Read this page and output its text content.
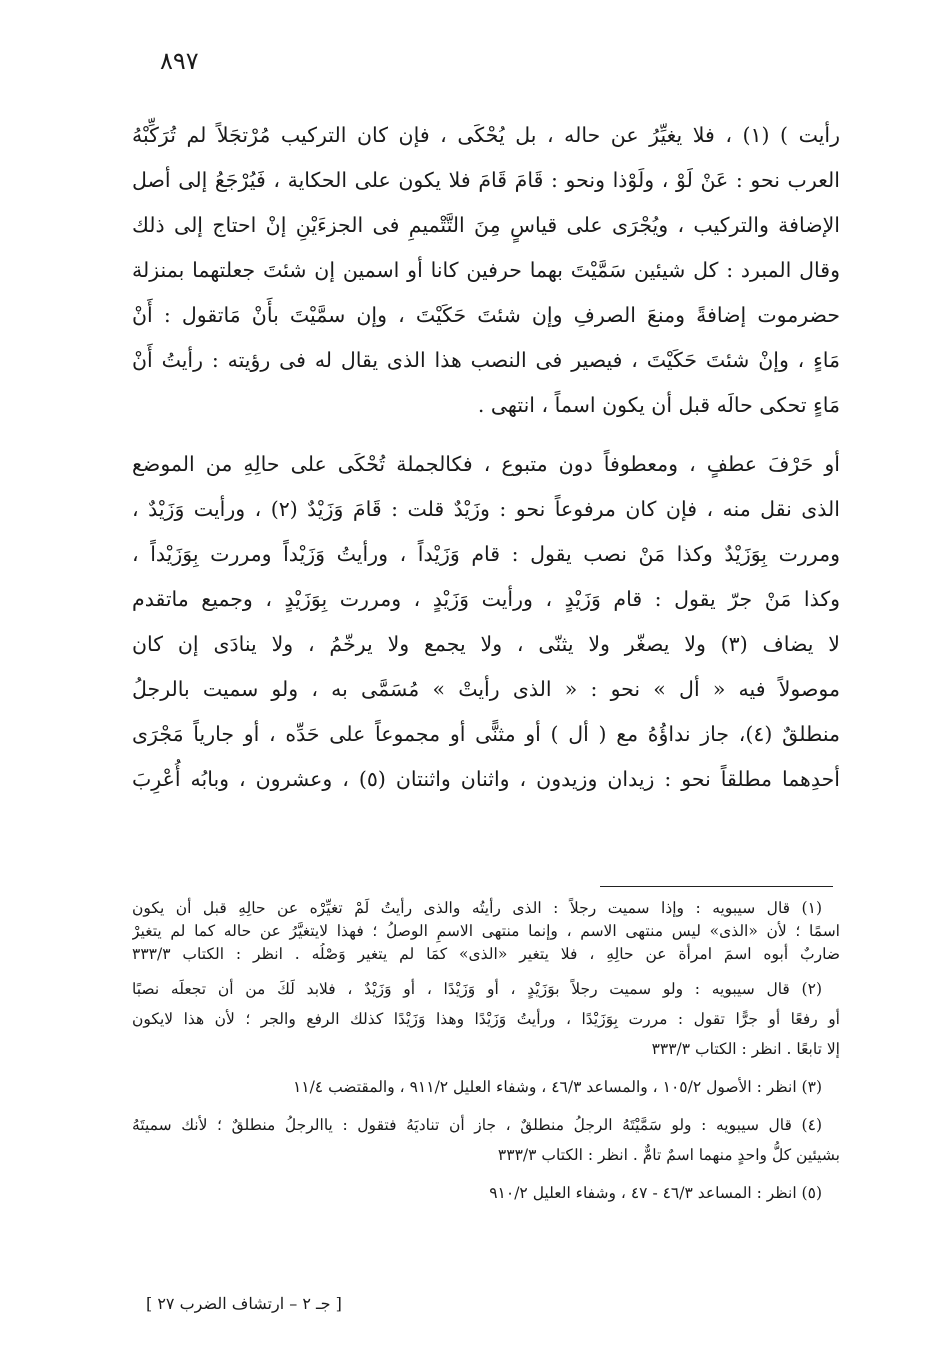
٨٩٧
رأيت ) (١) ، فلا يغيِّرُ عن حاله ، بل يُحْكَى ، فإن كان التركيب مُرْتجَلاً لم تُرَكِّبْهُ
العرب نحو : عَنْ لَوْ ، ولَوْذا ونحو : قَامَ قَامَ فلا يكون على الحكاية ، فَيُرْجَعُ إلى أصل
الإضافة والتركيب ، ويُجْرَى على قياسٍ مِنَ التَّتْميمِ فى الجزءَيْنِ إنْ احتاج إلى ذلك
وقال المبرد : كل شيئين سَمَّيْتَ بهما حرفين كانا أو اسمين إن شئتَ جعلتهما بمنزلة
حضرموت إضافةً ومنعَ الصرفِ وإن شئتَ حَكَيْتَ ، وإن سمَّيْتَ بأَنْ مَاتقول : أَنْ
مَاءٍ ، وإنْ شئتَ حَكَيْتَ ، فيصير فى النصب هذا الذى يقال له فى رؤيته : رأيتُ أَنْ
مَاءٍ تحكى حالَه قبل أن يكون اسماً ، انتهى .
أو حَرْفَ عطفٍ ، ومعطوفاً دون متبوع ، فكالجملة تُحْكَى على حالِهِ من الموضع
الذى نقل منه ، فإن كان مرفوعاً نحو : وزَيْدٌ قلت : قَامَ وَزَيْدٌ (٢) ، ورأيت وَزَيْدٌ ،
ومررت بِوَزَيْدٌ وكذا مَنْ نصب يقول : قام وَزَيْداً ، ورأيتُ وَزَيْداً ومررت بِوَزَيْداً ،
وكذا مَنْ جرّ يقول : قام وَزَيْدٍ ، ورأيت وَزَيْدٍ ، ومررت بِوَزَيْدٍ ، وجميع ماتقدم
لا يضاف (٣) ولا يصغّر ولا يثنّى ، ولا يجمع ولا يرخّمُ ، ولا ينادَى إن كان
موصولاً فيه « أل » نحو : « الذى رأيتْ » مُسَمَّى به ، ولو سميت بالرجلُ
منطلقٌ (٤)، جاز نداؤُهُ مع ( أل ) أو مثنًّى أو مجموعاً على حَدِّه ، أو جارياً مَجْرَى
أحدِهما مطلقاً نحو : زيدان وزيدون ، واثنان واثنتان (٥) ، وعشرون ، وبابُه أُعْرِبَ
(١) قال سيبويه : وإذا سميت رجلاً : الذى رأيتُه والذى رأيتُ لَمْ تغيِّرْه عن حالِهِ قبل أن يكون
اسمًا ؛ لأن «الذى» ليس منتهى الاسم ، وإنما منتهى الاسمِ الوصلُ ؛ فهذا لايتغيَّرُ عن حاله كما لم يتغيرْ
ضاربٌ أبوه اسمَ امرأة عن حالِهِ ، فلا يتغير «الذى» كمَا لم يتغير وَصْلُه . انظر : الكتاب ٣٣٣/٣
(٢) قال سيبويه : ولو سميت رجلاً بوَزَيْدٍ ، أو وَزَيْدًا ، أو وَزَيْدٌ ، فلابد لَكَ من أن تجعلَه نصبًا
أو رفعًا أو جرًّا تقول : مررت بِوَزَيْدًا ، ورأيتُ وَزَيْدًا وهذا وَزَيْدًا كذلك الرفع والجر ؛ لأن هذا لايكون
إلا تابعًا . انظر : الكتاب ٣٣٣/٣
(٣) انظر : الأصول ١٠٥/٢ ، والمساعد ٤٦/٣ ، وشفاء العليل ٩١١/٢ ، والمقتضب ١١/٤
(٤) قال سيبويه : ولو سَمَّيْتَهُ الرجلُ منطلقٌ ، جاز أن تناديَهُ فتقول : ياالرجلُ منطلقٌ ؛ لأنك سميتَهُ
بشيئين كلُّ واحدٍ منهما اسمٌ تامٌّ . انظر : الكتاب ٣٣٣/٣
(٥) انظر : المساعد ٤٦/٣ - ٤٧ ، وشفاء العليل ٩١٠/٢
[ جـ ٢ – ارتشاف الضرب ٢٧ ]
